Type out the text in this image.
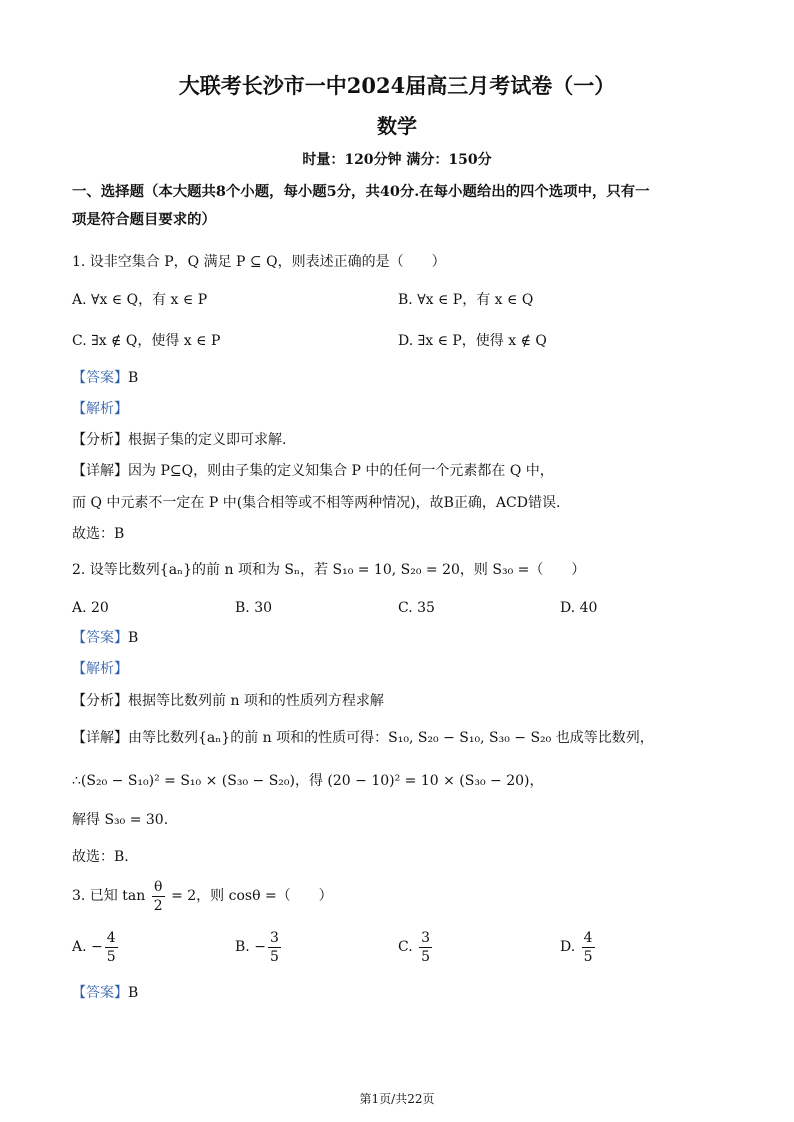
大联考长沙市一中2024届高三月考试卷（一）
数学
时量：120分钟 满分：150分
一、选择题（本大题共8个小题，每小题5分，共40分.在每小题给出的四个选项中，只有一
项是符合题目要求的）
1. 设非空集合 P，Q 满足 P ⊆ Q，则表述正确的是（　　）
A. ∀x ∈ Q，有 x ∈ P	B. ∀x ∈ P，有 x ∈ Q
C. ∃x ∉ Q，使得 x ∈ P	D. ∃x ∈ P，使得 x ∉ Q
【答案】B
【解析】
【分析】根据子集的定义即可求解.
【详解】因为 P⊆Q，则由子集的定义知集合 P 中的任何一个元素都在 Q 中，
而 Q 中元素不一定在 P 中(集合相等或不相等两种情况)，故B正确，ACD错误.
故选：B
2. 设等比数列{aₙ}的前 n 项和为 Sₙ，若 S₁₀ = 10, S₂₀ = 20，则 S₃₀ =（　　）
A. 20	B. 30	C. 35	D. 40
【答案】B
【解析】
【分析】根据等比数列前 n 项和的性质列方程求解
【详解】由等比数列{aₙ}的前 n 项和的性质可得：S₁₀, S₂₀ − S₁₀, S₃₀ − S₂₀ 也成等比数列，
∴(S₂₀ − S₁₀)² = S₁₀ × (S₃₀ − S₂₀)，得 (20 − 10)² = 10 × (S₃₀ − 20)，
解得 S₃₀ = 30.
故选：B.
3. 已知 $\tan \frac{\theta}{2} = 2$，则 cosθ =（　　）
A. − $\frac{4}{5}$	B. − $\frac{3}{5}$	C. $\frac{3}{5}$	D. $\frac{4}{5}$
【答案】B
第1页/共22页
